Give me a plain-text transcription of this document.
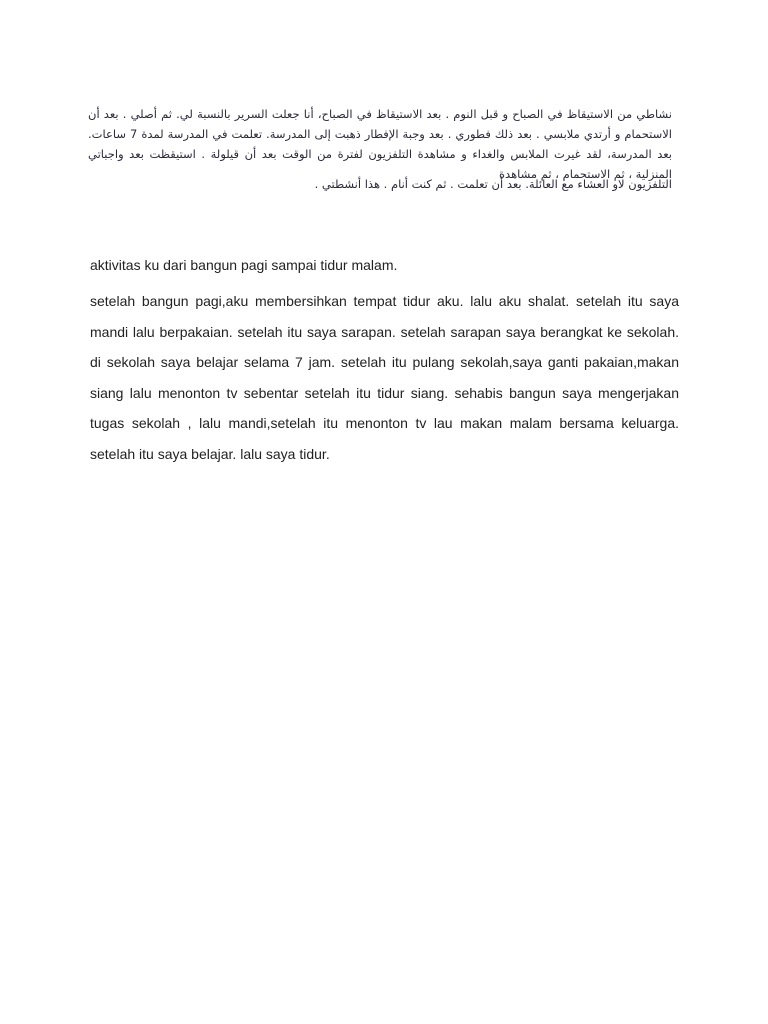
نشاطي من الاستيقاظ في الصباح و قبل النوم . بعد الاستيقاظ في الصباح، أنا جعلت السرير بالنسبة لي. ثم أصلي . بعد أن الاستحمام و أرتدي ملابسي . بعد ذلك فطوري . بعد وجبة الإفطار ذهبت إلى المدرسة. تعلمت في المدرسة لمدة 7 ساعات. بعد المدرسة، لقد غيرت الملابس والغداء و مشاهدة التلفزيون لفترة من الوقت بعد أن قيلولة . استيقظت بعد واجباتي المنزلية ، ثم الاستحمام ، ثم مشاهدة

التلفزيون لاو العشاء مع العائلة. بعد أن تعلمت . ثم كنت أنام . هذا أنشطتي .

aktivitas ku dari bangun pagi sampai tidur malam.
setelah bangun pagi,aku membersihkan tempat tidur aku. lalu aku shalat. setelah itu saya mandi lalu berpakaian. setelah itu saya sarapan. setelah sarapan saya berangkat ke sekolah. di sekolah saya belajar selama 7 jam. setelah itu pulang sekolah,saya ganti pakaian,makan siang lalu menonton tv sebentar setelah itu tidur siang. sehabis bangun saya mengerjakan tugas sekolah , lalu mandi,setelah itu menonton tv lau makan malam bersama keluarga. setelah itu saya belajar. lalu saya tidur.
